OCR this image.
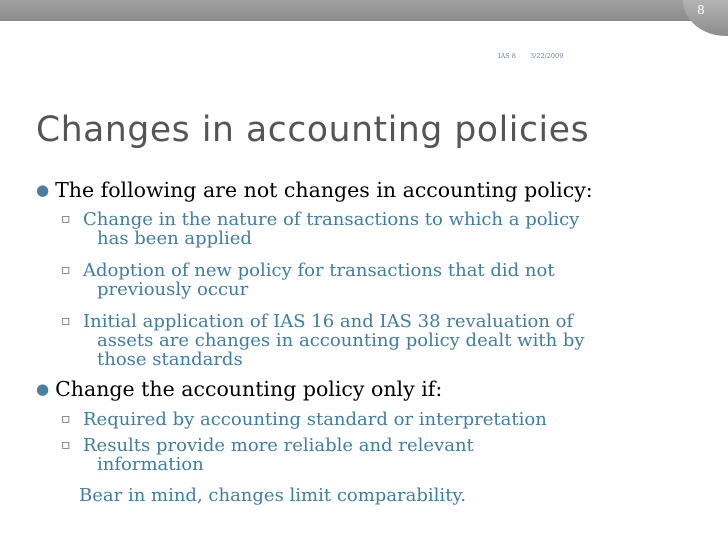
8
IAS 8 3/22/2009
Changes in accounting policies
● The following are not changes in accounting policy:
▫ Change in the nature of transactions to which a policy
has been applied
▫ Adoption of new policy for transactions that did not
previously occur
▫ Initial application of IAS 16 and IAS 38 revaluation of
assets are changes in accounting policy dealt with by
those standards
● Change the accounting policy only if:
▫ Required by accounting standard or interpretation
▫ Results provide more reliable and relevant
information
Bear in mind, changes limit comparability.
